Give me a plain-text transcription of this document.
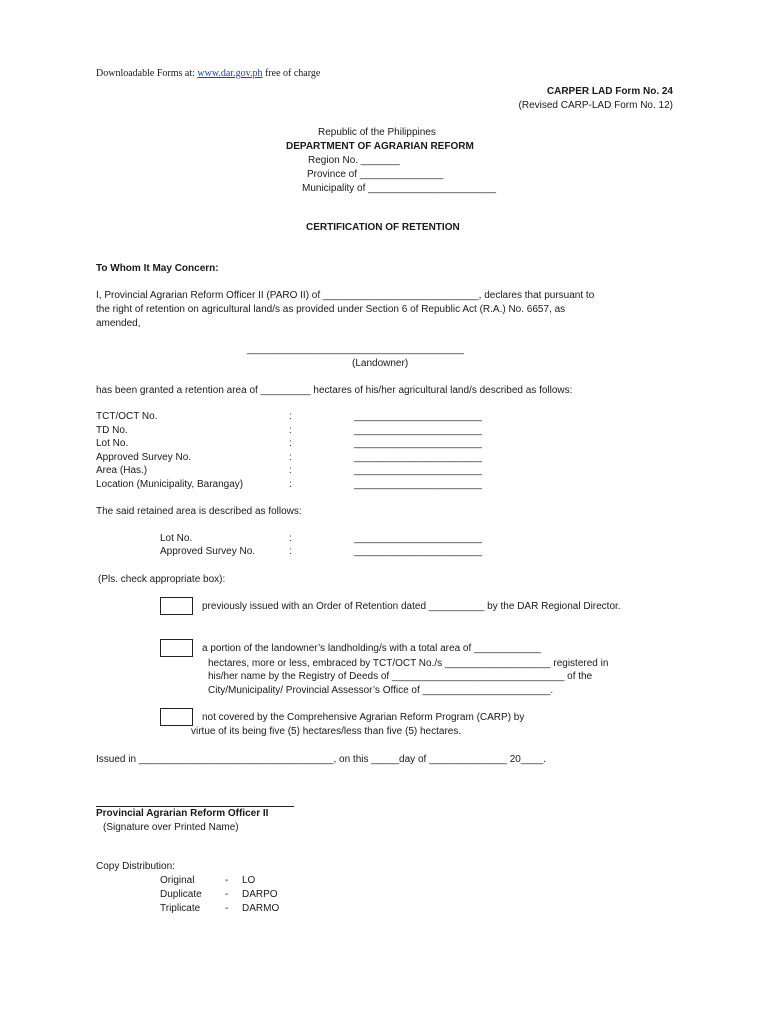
Downloadable Forms at: www.dar.gov.ph free of charge
CARPER LAD Form No. 24
(Revised CARP-LAD Form No. 12)
Republic of the Philippines
DEPARTMENT OF AGRARIAN REFORM
Region No. _______
Province of _______________
Municipality of _______________________
CERTIFICATION OF RETENTION
To Whom It May Concern:
I, Provincial Agrarian Reform Officer II (PARO II) of ____________________________, declares that pursuant to
the right of retention on agricultural land/s as provided under Section 6 of Republic Act (R.A.) No. 6657, as
amended,
_______________________________________
(Landowner)
has been granted a retention area of _________ hectares of his/her agricultural land/s described as follows:
TCT/OCT No.	:	_______________________
TD No.	:	_______________________
Lot No.	:	_______________________
Approved Survey No.	:	_______________________
Area (Has.)	:	_______________________
Location (Municipality, Barangay)	:	_______________________
The said retained area is described as follows:
Lot No.	:	_______________________
Approved Survey No.	:	_______________________
(Pls. check appropriate box):
previously issued with an Order of Retention dated __________ by the DAR Regional Director.
a portion of the landowner’s landholding/s with a total area of ____________
hectares, more or less, embraced by TCT/OCT No./s ___________________ registered in
his/her name by the Registry of Deeds of _______________________________ of the
City/Municipality/ Provincial Assessor’s Office of _______________________.
not covered by the Comprehensive Agrarian Reform Program (CARP) by
virtue of its being five (5) hectares/less than five (5) hectares.
Issued in ___________________________________, on this _____day of ______________ 20____.
Provincial Agrarian Reform Officer II
(Signature over Printed Name)
Copy Distribution:
Original	- LO
Duplicate - DARPO
Triplicate - DARMO
